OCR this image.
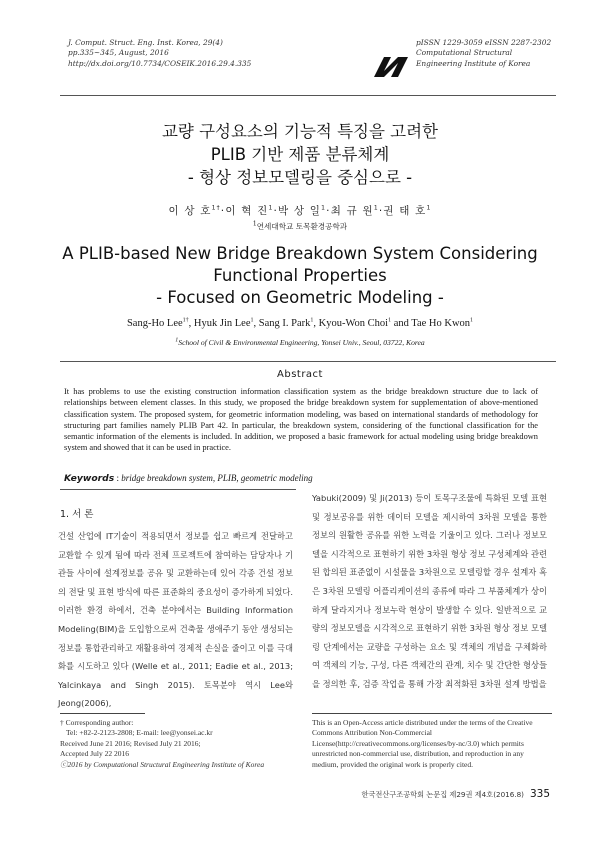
J. Comput. Struct. Eng. Inst. Korea, 29(4)
pp.335~345, August, 2016
http://dx.doi.org/10.7734/COSEIK.2016.29.4.335
pISSN 1229-3059 eISSN 2287-2302
Computational Structural
Engineering Institute of Korea
교량 구성요소의 기능적 특징을 고려한
PLIB 기반 제품 분류체계
- 형상 정보모델링을 중심으로 -
이 상 호$^{1\dagger}$·이 혁 진$^1$·박 상 일$^1$·최 규 원$^1$·권 태 호$^1$
$^1$연세대학교 토목환경공학과
A PLIB-based New Bridge Breakdown System Considering
Functional Properties
- Focused on Geometric Modeling -
Sang-Ho Lee$^{1\dagger}$, Hyuk Jin Lee$^1$, Sang I. Park$^1$, Kyou-Won Choi$^1$ and Tae Ho Kwon$^1$
$^1$School of Civil & Environmental Engineering, Yonsei Univ., Seoul, 03722, Korea
Abstract
It has problems to use the existing construction information classification system as the bridge breakdown structure due to lack of relationships between element classes. In this study, we proposed the bridge breakdown system for supplementation of above-mentioned classification system. The proposed system, for geometric information modeling, was based on international standards of methodology for structuring part families namely PLIB Part 42. In particular, the breakdown system, considering of the functional classification for the semantic information of the elements is included. In addition, we proposed a basic framework for actual modeling using bridge breakdown system and showed that it can be used in practice.
Keywords : bridge breakdown system, PLIB, geometric modeling
1. 서 론
건설 산업에 IT기술이 적용되면서 정보를 쉽고 빠르게 전달하고 교환할 수 있게 됨에 따라 전체 프로젝트에 참여하는 담당자나 기관들 사이에 설계정보를 공유 및 교환하는데 있어 각종 건설 정보의 전달 및 표현 방식에 따른 표준화의 중요성이 증가하게 되었다. 이러한 환경 하에서, 건축 분야에서는 Building Information Modeling(BIM)을 도입함으로써 건축물 생애주기 동안 생성되는 정보를 통합관리하고 재활용하여 경제적 손실을 줄이고 이를 극대화를 시도하고 있다 (Welle et al., 2011; Eadie et al., 2013; Yalcinkaya and Singh 2015). 토목분야 역시 Lee와 Jeong(2006),
Yabuki(2009) 및 Ji(2013) 등이 토목구조물에 특화된 모델 표현 및 정보공유를 위한 데이터 모델을 제시하여 3차원 모델을 통한 정보의 원활한 공유를 위한 노력을 기울이고 있다. 그러나 정보모델을 시각적으로 표현하기 위한 3차원 형상 정보 구성체계와 관련된 합의된 표준없이 시설물을 3차원으로 모델링할 경우 설계자 혹은 3차원 모델링 어플리케이션의 종류에 따라 그 부품체계가 상이하게 달라지거나 정보누락 현상이 발생할 수 있다. 일반적으로 교량의 정보모델을 시각적으로 표현하기 위한 3차원 형상 정보 모델링 단계에서는 교량을 구성하는 요소 및 객체의 개념을 구체화하여 객체의 기능, 구성, 다른 객체간의 관계, 치수 및 간단한 형상들을 정의한 후, 검증 작업을 통해 가장 최적화된 3차원 설계 방법을
† Corresponding author:
Tel: +82-2-2123-2808; E-mail: lee@yonsei.ac.kr
Received June 21 2016; Revised July 21 2016;
Accepted July 22 2016
ⓒ2016 by Computational Structural Engineering Institute of Korea
This is an Open-Access article distributed under the terms of the Creative Commons Attribution Non-Commercial License(http://creativecommons.org/licenses/by-nc/3.0) which permits unrestricted non-commercial use, distribution, and reproduction in any medium, provided the original work is properly cited.
한국전산구조공학회 논문집 제29권 제4호(2016.8) 335
